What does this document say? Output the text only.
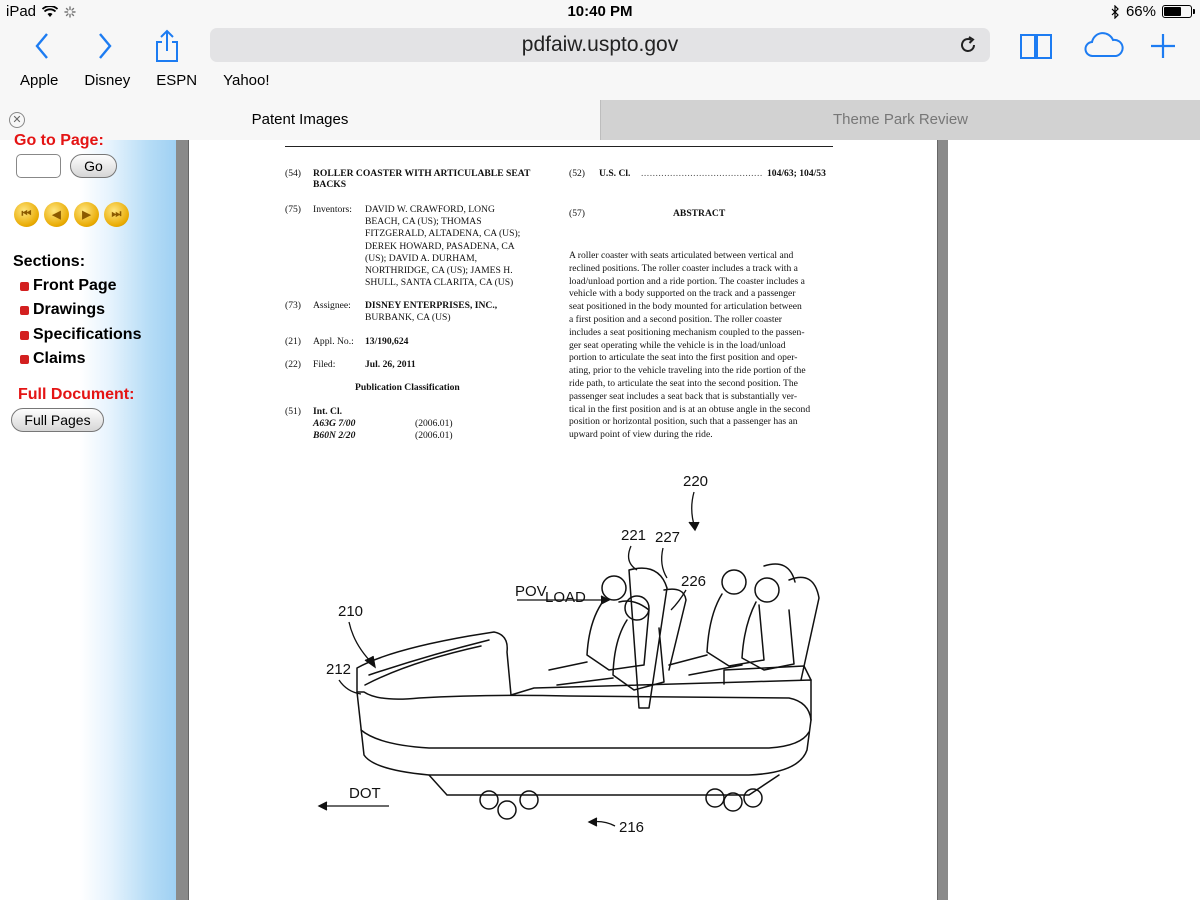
iPad	10:40 PM	66%
pdfaiw.uspto.gov
Apple Disney ESPN Yahoo!
✕	Patent Images	Theme Park Review
Go to Page:
Go
⏮	◀	▶	⏭
Sections:
Front Page
Drawings
Specifications
Claims
Full Document:
Full Pages
(54) ROLLER COASTER WITH ARTICULABLE SEAT BACKS
(75) Inventors: DAVID W. CRAWFORD, LONG
BEACH, CA (US); THOMAS
FITZGERALD, ALTADENA, CA (US);
DEREK HOWARD, PASADENA, CA
(US); DAVID A. DURHAM,
NORTHRIDGE, CA (US); JAMES H.
SHULL, SANTA CLARITA, CA (US)
(73) Assignee: DISNEY ENTERPRISES, INC.,
BURBANK, CA (US)
(21) Appl. No.: 13/190,624
(22) Filed:	Jul. 26, 2011
Publication Classification
(51) Int. Cl.
A63G 7/00	(2006.01)
B60N 2/20	(2006.01)
(52) U.S. Cl. .......................................... 104/63; 104/53
(57)	ABSTRACT
A roller coaster with seats articulated between vertical and
reclined positions. The roller coaster includes a track with a
load/unload portion and a ride portion. The coaster includes a
vehicle with a body supported on the track and a passenger
seat positioned in the body mounted for articulation between
a first position and a second position. The roller coaster
includes a seat positioning mechanism coupled to the passen-
ger seat operating while the vehicle is in the load/unload
portion to articulate the seat into the first position and oper-
ating, prior to the vehicle traveling into the ride portion of the
ride path, to articulate the seat into the second position. The
passenger seat includes a seat back that is substantially ver-
tical in the first position and is at an obtuse angle in the second
position or horizontal position, such that a passenger has an
upward point of view during the ride.
220
221 227
226
POV
LOAD
210
212
DOT
216
